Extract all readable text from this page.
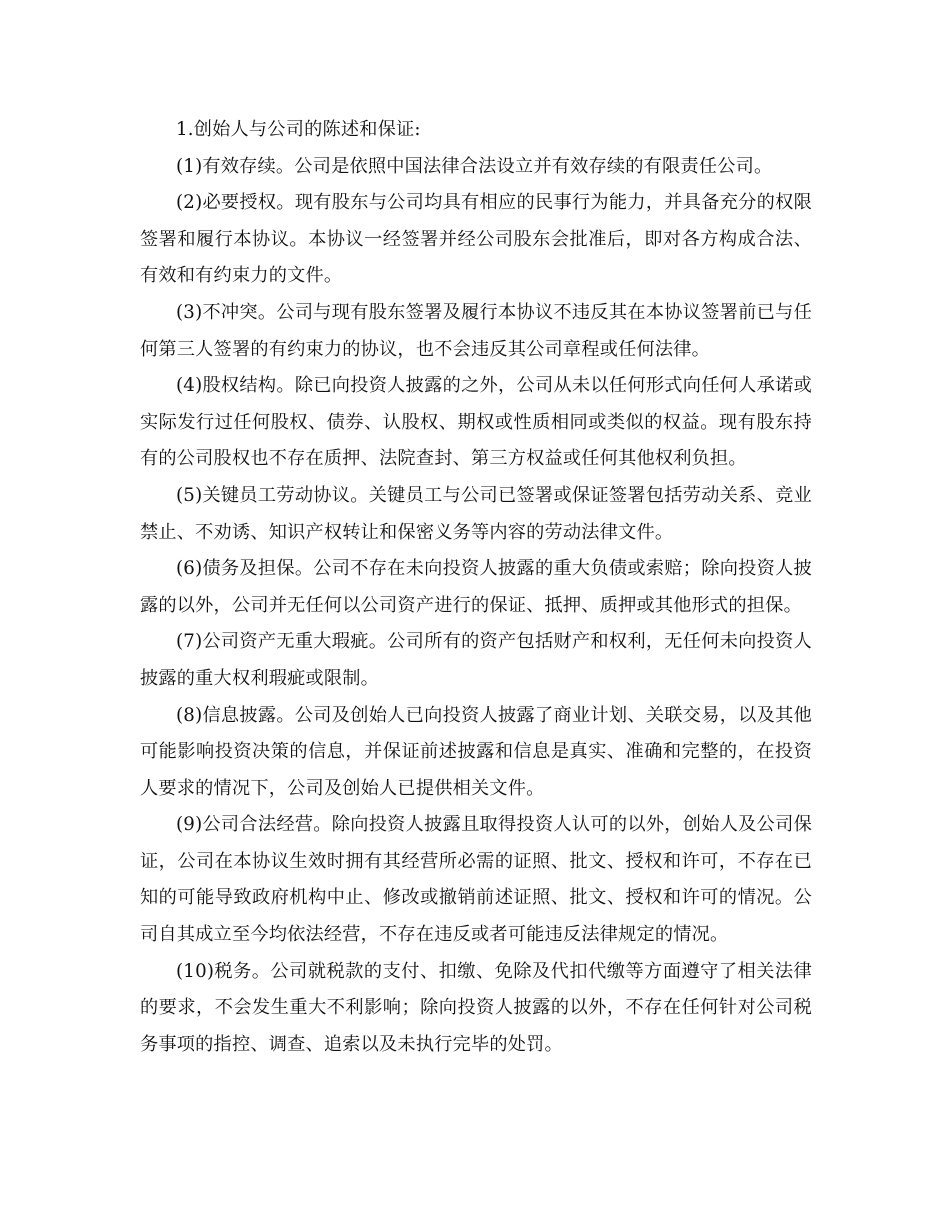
1.创始人与公司的陈述和保证:

(1)有效存续。公司是依照中国法律合法设立并有效存续的有限责任公司。

(2)必要授权。现有股东与公司均具有相应的民事行为能力，并具备充分的权限签署和履行本协议。本协议一经签署并经公司股东会批准后，即对各方构成合法、有效和有约束力的文件。

(3)不冲突。公司与现有股东签署及履行本协议不违反其在本协议签署前已与任何第三人签署的有约束力的协议，也不会违反其公司章程或任何法律。

(4)股权结构。除已向投资人披露的之外，公司从未以任何形式向任何人承诺或实际发行过任何股权、债券、认股权、期权或性质相同或类似的权益。现有股东持有的公司股权也不存在质押、法院查封、第三方权益或任何其他权利负担。

(5)关键员工劳动协议。关键员工与公司已签署或保证签署包括劳动关系、竞业禁止、不劝诱、知识产权转让和保密义务等内容的劳动法律文件。

(6)债务及担保。公司不存在未向投资人披露的重大负债或索赔；除向投资人披露的以外，公司并无任何以公司资产进行的保证、抵押、质押或其他形式的担保。

(7)公司资产无重大瑕疵。公司所有的资产包括财产和权利，无任何未向投资人披露的重大权利瑕疵或限制。

(8)信息披露。公司及创始人已向投资人披露了商业计划、关联交易，以及其他可能影响投资决策的信息，并保证前述披露和信息是真实、准确和完整的，在投资人要求的情况下，公司及创始人已提供相关文件。

(9)公司合法经营。除向投资人披露且取得投资人认可的以外，创始人及公司保证，公司在本协议生效时拥有其经营所必需的证照、批文、授权和许可，不存在已知的可能导致政府机构中止、修改或撤销前述证照、批文、授权和许可的情况。公司自其成立至今均依法经营，不存在违反或者可能违反法律规定的情况。

(10)税务。公司就税款的支付、扣缴、免除及代扣代缴等方面遵守了相关法律的要求，不会发生重大不利影响；除向投资人披露的以外，不存在任何针对公司税务事项的指控、调查、追索以及未执行完毕的处罚。
